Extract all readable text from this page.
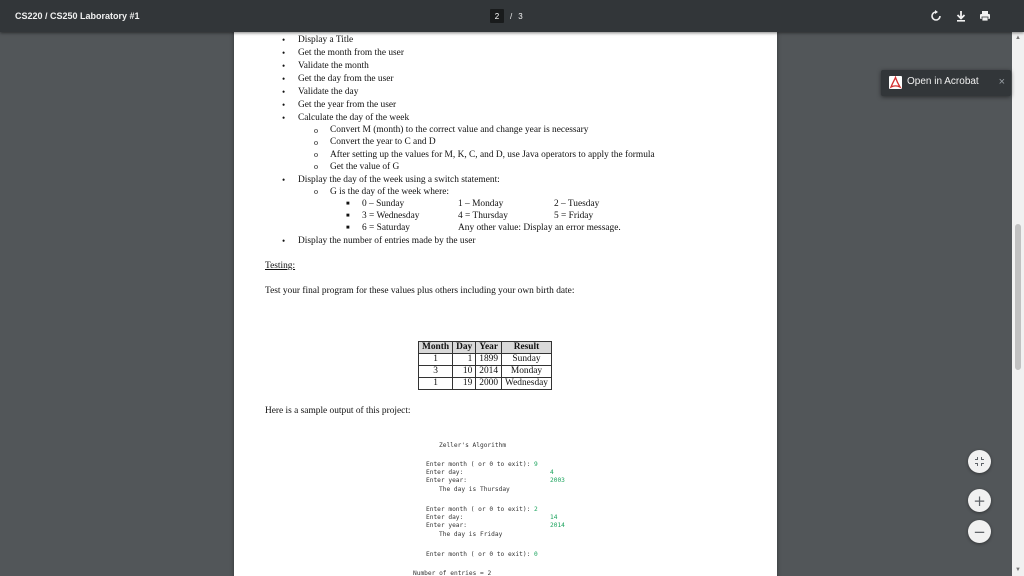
CS220 / CS250 Laboratory #1
2	/ 3
• Display a Title
• Get the month from the user
• Validate the month
• Get the day from the user
• Validate the day
• Get the year from the user
• Calculate the day of the week
o Convert M (month) to the correct value and change year is necessary
o Convert the year to C and D
o After setting up the values for M, K, C, and D, use Java operators to apply the formula
o Get the value of G
• Display the day of the week using a switch statement:
o G is the day of the week where:
■ 0 – Sunday	1 – Monday	2 – Tuesday
■ 3 = Wednesday	4 = Thursday	5 = Friday
■ 6 = Saturday	Any other value: Display an error message.
• Display the number of entries made by the user
Testing:
Test your final program for these values plus others including your own birth date:
Month	Day	Year	Result
1	1	1899	Sunday
3	10	2014	Monday
1	19	2000	Wednesday
Here is a sample output of this project:
Zeller's Algorithm
Enter month ( or 0 to exit): 9
Enter day:	4
Enter year:	2003
The day is Thursday
Enter month ( or 0 to exit): 2
Enter day:	14
Enter year:	2014
The day is Friday
Enter month ( or 0 to exit): 0
Number of entries = 2
▲
▼
Open in Acrobat ×
+
−
